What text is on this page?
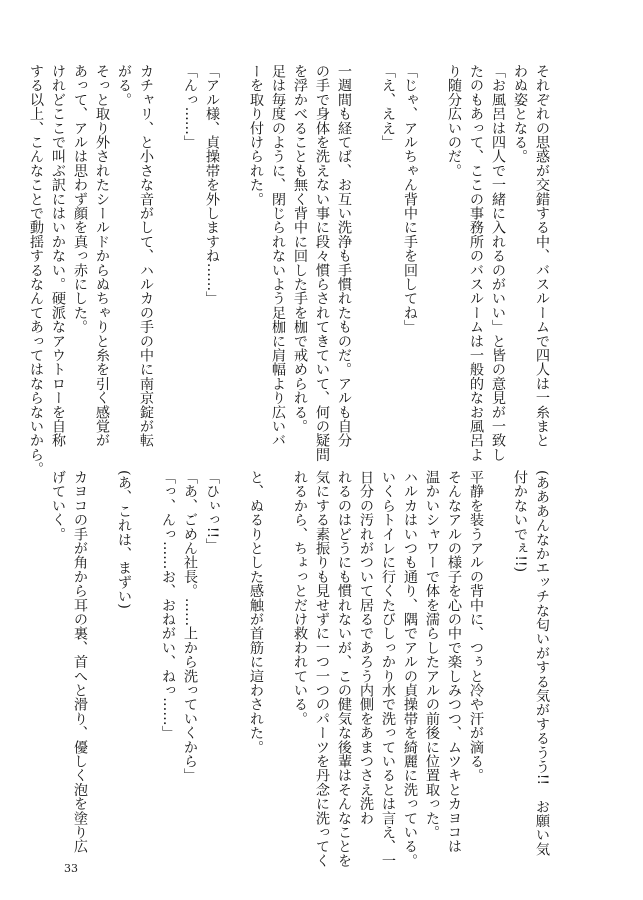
それぞれの思惑が交錯する中、バスルームで四人は一糸まと
わぬ姿となる。
「お風呂は四人で一緒に入れるのがいい」と皆の意見が一致し
たのもあって、ここの事務所のバスルームは一般的なお風呂よ
り随分広いのだ。

「じゃ、アルちゃん背中に手を回してね」
「え、ええ」

一週間も経てば、お互い洗浄も手慣れたものだ。アルも自分
の手で身体を洗えない事に段々慣らされてきていて、何の疑問
を浮かべることも無く背中に回した手を枷で戒められる。
足は毎度のように、閉じられないよう足枷に肩幅より広いバ
ーを取り付けられた。

「アル様、貞操帯を外しますね……」
「んっ……」

カチャリ、と小さな音がして、ハルカの手の中に南京錠が転
がる。
そっと取り外されたシールドからぬちゃりと糸を引く感覚が
あって、アルは思わず顔を真っ赤にした。
けれどここで叫ぶ訳にはいかない。硬派なアウトローを自称
する以上、こんなことで動揺するなんてあってはならないから。
(あああんなかエッチな匂いがする気がするうう!!　お願い気
付かないでぇ!!)

平静を装うアルの背中に、つぅと冷や汗が滴る。
そんなアルの様子を心の中で楽しみつつ、ムツキとカヨコは
温かいシャワーで体を濡らしたアルの前後に位置取った。
ハルカはいつも通り、隅でアルの貞操帯を綺麗に洗っている。
いくらトイレに行くたびしっかり水で洗っているとは言え、一
日分の汚れがついて居るであろう内側をあまつさえ洗わ
れるのはどうにも慣れないが、この健気な後輩はそんなことを
気にする素振りも見せずに一つ一つのパーツを丹念に洗ってく
れるから、ちょっとだけ救われている。

と、ぬるりとした感触が首筋に這わされた。

「ひぃっ!!」
「あ、ごめん社長。……上から洗っていくから」
「っ、んっ……お、おねがい、ねっ……」

(あ、これは、まずい)

カヨコの手が角から耳の裏、首へと滑り、優しく泡を塗り広
げていく。
33
